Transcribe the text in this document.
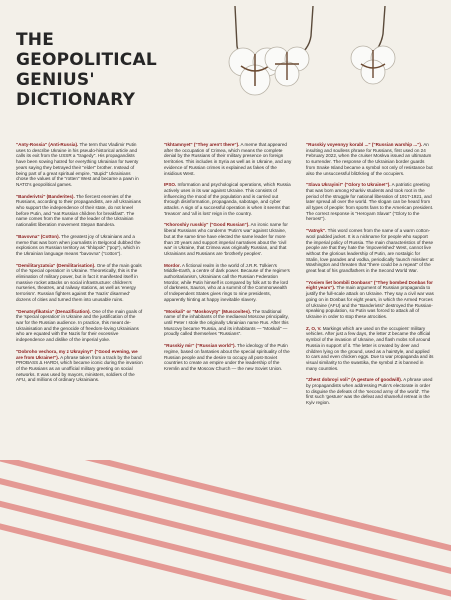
THE
GEOPOLITICAL
GENIUS'
DICTIONARY

"Anty-Rossia" (Anti-Russia). The term that Vladimir Putin uses to describe Ukraine in his pseudo-historical article and calls its exit from the USSR a "tragedy". His propagandists have been sowing hatred for everything Ukrainian for twenty years saying they betrayed their "elder" brother. Instead of being part of a great spiritual empire, "stupid" Ukrainians chose the values of the "rotten" West and became a pawn in NATO's geopolitical games.

"Banderivtsi" (Banderites). The fiercest enemies of the Russians, according to their propagandists, are all Ukrainians who support the independence of their state, do not kneel before Putin, and "eat Russian children for breakfast". The name comes from the name of the leader of the Ukrainian nationalist liberation movement Stepan Bandera.

"Bavovna" (Cotton). The greatest joy of Ukrainians and a meme that was born when journalists in Belgorod dubbed the explosions on Russian territory as "khlopok" ("pop"), which in the Ukrainian language means "bavovna" ("cotton").

"Demilitaryzatsia" (Demilitarisation). One of the main goals of the 'special operation' in Ukraine. Theoretically, this is the elimination of military power, but in fact it manifested itself in massive rocket attacks on social infrastructure: children's nurseries, theatres, and railway stations, as well as 'energy terrorism'. Russian fighters against the 'Nazis' disarmed' dozens of cities and turned them into unusable ruins.

"Denatsyfikatsia" (Denazification). One of the main goals of the 'special operation' in Ukraine and the justification of the war for the Russian audience. In practice, this meant de-Ukrainisation and the genocide of freedom-loving Ukrainians who are equated with the Nazis for their excessive independence and dislike of the imperial yoke.

"Dobroho vechora, my z Ukrayiny!" ("Good evening, we are from Ukraine!"). A phrase taken from a track by the band PROBASS ∆ HARDI, which became iconic during the invasion of the Russians as an unofficial military greeting on social networks. It was used by mayors, ministers, soldiers of the AFU, and millions of ordinary Ukrainians.

"Ikhtamnyet" ("They aren't there"). A meme that appeared after the occupation of Crimea, which means the complete denial by the Russians of their military presence on foreign territories. This includes in Syria as well as in Ukraine, and any evidence of Russian crimes is explained as fakes of the insidious West.

IPSO. Information and psychological operations, which Russia actively uses in its war against Ukraine. This consists of influencing the mood of the population and is carried out through disinformation, propaganda, sabotage, and cyber attacks. A sign of a successful operation is when it seems that 'treason' and 'all is lost' reign in the country.

"Khoroshiy russkiy" ("Good Russian"). An ironic name for liberal Russians who condemn 'Putin's war' against Ukraine, but at the same time have elected the same leader for more than 20 years and support imperial narratives about the 'civil war' in Ukraine, that Crimea was originally Russian, and that Ukrainians and Russians are 'brotherly peoples'.

Mordor. A fictional realm in the world of J.R.R. Tolkien's Middle-Earth, a centre of dark power. Because of the regime's authoritarianism, Ukrainians call the Russian Federation Mordor, while Putin himself is compared by folk art to the lord of darkness, Sauron, who at a summit of the Commonwealth of Independent States gives rings to nine presidents, apparently hinting at happy inevitable slavery.

"Moskali" or "Moskovyty" (Muscovites). The traditional name of the inhabitants of the mediaeval Moscow principality, until Peter I stole the originally Ukrainian name Rus. After this Muscovy became 'Russia, and its inhabitants — "Moskali" — proudly called themselves "Russians".

"Russkiy mir" ("Russian world"). The ideology of the Putin regime, based on fantasies about the special spirituality of the Russian people and the desire to occupy all post-Soviet countries to create an empire under the leadership of the Kremlin and the Moscow Church — the new Soviet Union.

"Russkiy voyennyy korabl ..." ("Russian warship ..."). An insulting and soulless phrase for Russians, first used on 24 February 2022, when the cruiser Moskva issued an ultimatum to surrender. The response of the Ukrainian border guards from Snake Island became a symbol not only of resistance but also the unsuccessful blitzkrieg of the occupiers.

"Slava Ukrayini!" ("Glory to Ukraine!"). A patriotic greeting that was born among Kharkiv students and took root in the period of the struggle for national liberation of 1917-1921, and later spread all over the world. The slogan can be heard from all types of people: from sports fans to the American president. The correct response is "Heroyam Slava!" ("Glory to the heroes!").

"Vatnyk". This word comes from the name of a warm cotton-wool padded jacket. It is a nickname for people who support the imperial policy of Russia. The main characteristics of these people are that they hate the 'impoverished' West, cannot live without the glorious leadership of Putin, are nostalgic for Stalin, love parades and vodka, periodically 'launch missiles' at Washington and threaten that "there could be a repeat" of the great feat of his grandfathers in the Second World War.

"Yosiem liet bombili Donbass" ("They bombed Donbas for eight years"). The main argument of Russian propaganda to justify the full-scale attack on Ukraine. They say a civil war was going on in Donbas for eight years, in which the Armed Forces of Ukraine (AFU) and the "Banderivtsi" destroyed the Russian-speaking population, so Putin was forced to attack all of Ukraine in order to stop these atrocities.

Z, O, V. Markings which are used on the occupiers' military vehicles. After just a few days, the letter Z became the official symbol of the invasion of Ukraine, and flash mobs roll around Russia in support of it. The letter is created by deer and children lying on the ground, used as a hairstyle, and applied to cars and even chicken eggs. Due to war propaganda and its visual similarity to the swastika, the symbol Z is banned in many countries.

"Zhest dobroyi voli" (A gesture of goodwill). A phrase used by propagandists when addressing Putin's electorate in order to disguise the defeats of the 'second army of the world'. The first such 'gesture' was the defeat and shameful retreat in the Kyiv region.
